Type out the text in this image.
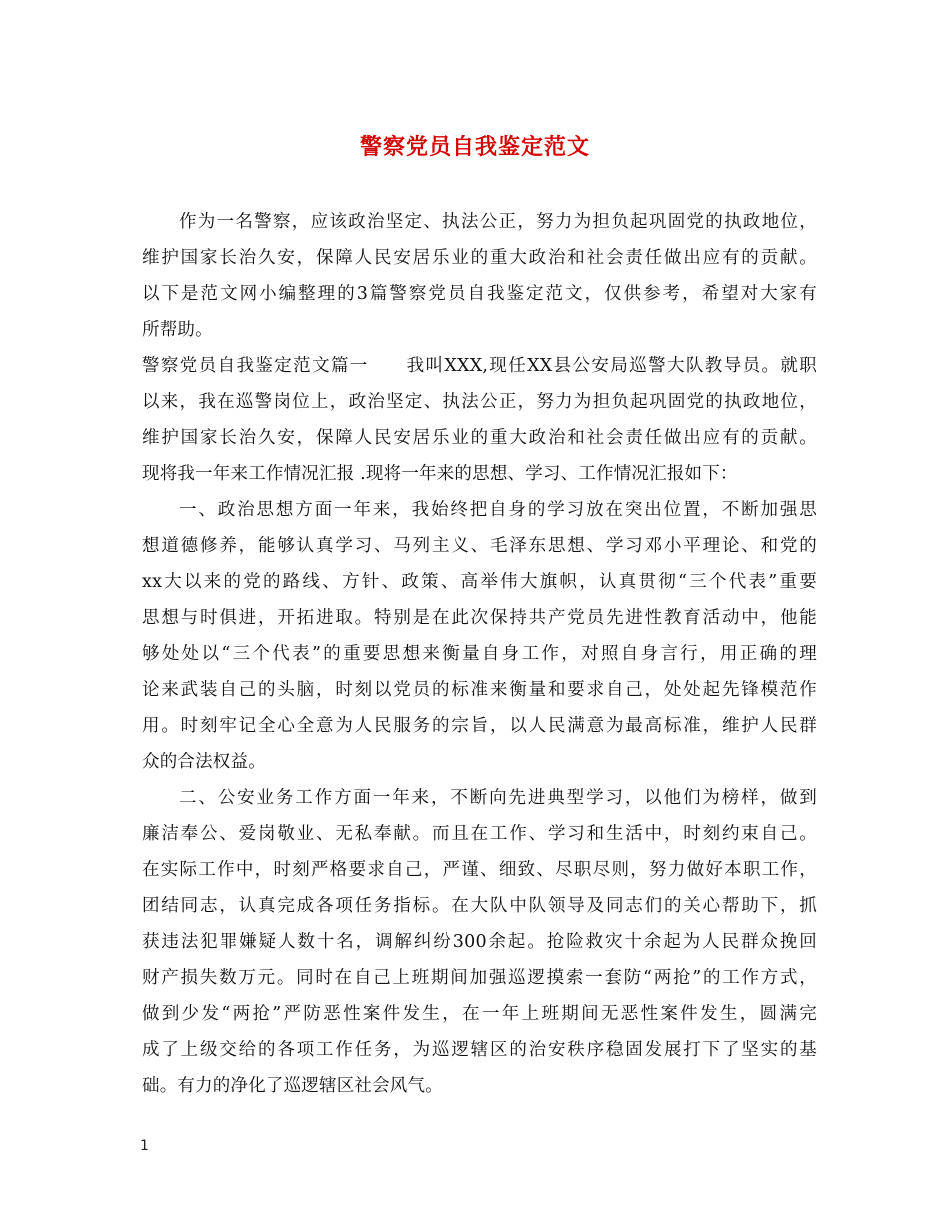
警察党员自我鉴定范文
作为一名警察，应该政治坚定、执法公正，努力为担负起巩固党的执政地位，
维护国家长治久安，保障人民安居乐业的重大政治和社会责任做出应有的贡献。
以下是范文网小编整理的3篇警察党员自我鉴定范文，仅供参考，希望对大家有
所帮助。
警察党员自我鉴定范文篇一　　我叫XXX,现任XX县公安局巡警大队教导员。就职
以来，我在巡警岗位上，政治坚定、执法公正，努力为担负起巩固党的执政地位，
维护国家长治久安，保障人民安居乐业的重大政治和社会责任做出应有的贡献。
现将我一年来工作情况汇报 .现将一年来的思想、学习、工作情况汇报如下：
一、政治思想方面一年来，我始终把自身的学习放在突出位置，不断加强思
想道德修养，能够认真学习、马列主义、毛泽东思想、学习邓小平理论、和党的
xx大以来的党的路线、方针、政策、高举伟大旗帜，认真贯彻“三个代表”重要
思想与时俱进，开拓进取。特别是在此次保持共产党员先进性教育活动中，他能
够处处以“三个代表”的重要思想来衡量自身工作，对照自身言行，用正确的理
论来武装自己的头脑，时刻以党员的标准来衡量和要求自己，处处起先锋模范作
用。时刻牢记全心全意为人民服务的宗旨，以人民满意为最高标准，维护人民群
众的合法权益。
二、公安业务工作方面一年来，不断向先进典型学习，以他们为榜样，做到
廉洁奉公、爱岗敬业、无私奉献。而且在工作、学习和生活中，时刻约束自己。
在实际工作中，时刻严格要求自己，严谨、细致、尽职尽则，努力做好本职工作，
团结同志，认真完成各项任务指标。在大队中队领导及同志们的关心帮助下，抓
获违法犯罪嫌疑人数十名，调解纠纷300余起。抢险救灾十余起为人民群众挽回
财产损失数万元。同时在自己上班期间加强巡逻摸索一套防“两抢”的工作方式，
做到少发“两抢”严防恶性案件发生，在一年上班期间无恶性案件发生，圆满完
成了上级交给的各项工作任务，为巡逻辖区的治安秩序稳固发展打下了坚实的基
础。有力的净化了巡逻辖区社会风气。
1
